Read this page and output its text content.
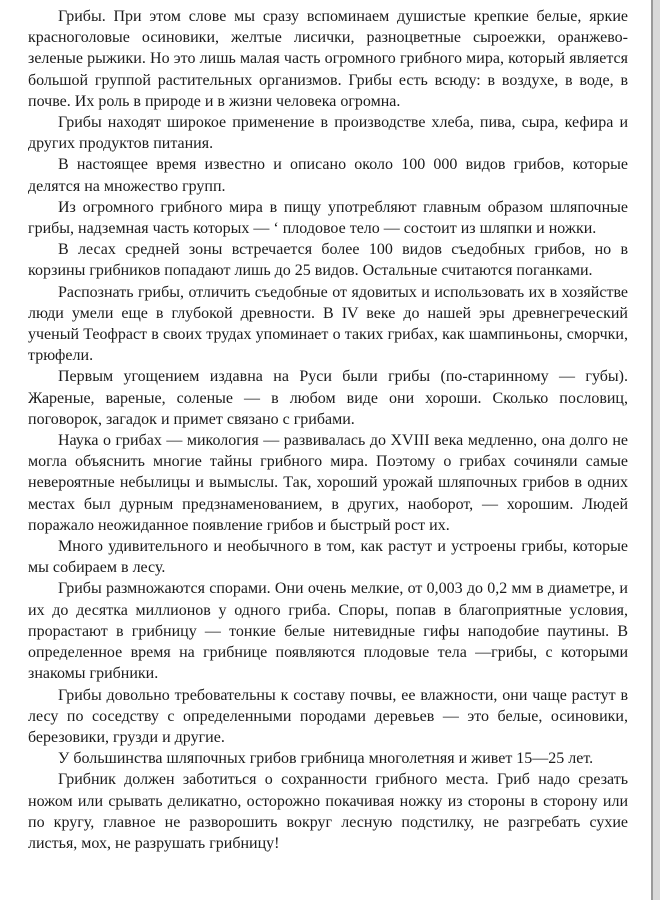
Грибы. При этом слове мы сразу вспоминаем душистые крепкие белые, яркие красноголовые осиновики, желтые лисички, разноцветные сыроежки, оранжевозеленые рыжики. Но это лишь малая часть огромного грибного мира, который является большой группой растительных организмов. Грибы есть всюду: в воздухе, в воде, в почве. Их роль в природе и в жизни человека огромна.

Грибы находят широкое применение в производстве хлеба, пива, сыра, кефира и других продуктов питания.

В настоящее время известно и описано около 100 000 видов грибов, которые делятся на множество групп.

Из огромного грибного мира в пищу употребляют главным образом шляпочные грибы, надземная часть которых — ‘ плодовое тело — состоит из шляпки и ножки.

В лесах средней зоны встречается более 100 видов съедобных грибов, но в корзины грибников попадают лишь до 25 видов. Остальные считаются поганками.

Распознать грибы, отличить съедобные от ядовитых и использовать их в хозяйстве люди умели еще в глубокой древности. В IV веке до нашей эры древнегреческий ученый Теофраст в своих трудах упоминает о таких грибах, как шампиньоны, сморчки, трюфели.

Первым угощением издавна на Руси были грибы (по-старинному — губы). Жареные, вареные, соленые — в любом виде они хороши. Сколько пословиц, поговорок, загадок и примет связано с грибами.

Наука о грибах — микология — развивалась до XVIII века медленно, она долго не могла объяснить многие тайны грибного мира. Поэтому о грибах сочиняли самые невероятные небылицы и вымыслы. Так, хороший урожай шляпочных грибов в одних местах был дурным предзнаменованием, в других, наоборот, — хорошим. Людей поражало неожиданное появление грибов и быстрый рост их.

Много удивительного и необычного в том, как растут и устроены грибы, которые мы собираем в лесу.

Грибы размножаются спорами. Они очень мелкие, от 0,003 до 0,2 мм в диаметре, и их до десятка миллионов у одного гриба. Споры, попав в благоприятные условия, прорастают в грибницу — тонкие белые нитевидные гифы наподобие паутины. В определенное время на грибнице появляются плодовые тела —грибы, с которыми знакомы грибники.

Грибы довольно требовательны к составу почвы, ее влажности, они чаще растут в лесу по соседству с определенными породами деревьев — это белые, осиновики, березовики, грузди и другие.

У большинства шляпочных грибов грибница многолетняя и живет 15—25 лет.

Грибник должен заботиться о сохранности грибного места. Гриб надо срезать ножом или срывать деликатно, осторожно покачивая ножку из стороны в сторону или по кругу, главное не разворошить вокруг лесную подстилку, не разгребать сухие листья, мох, не разрушать грибницу!
